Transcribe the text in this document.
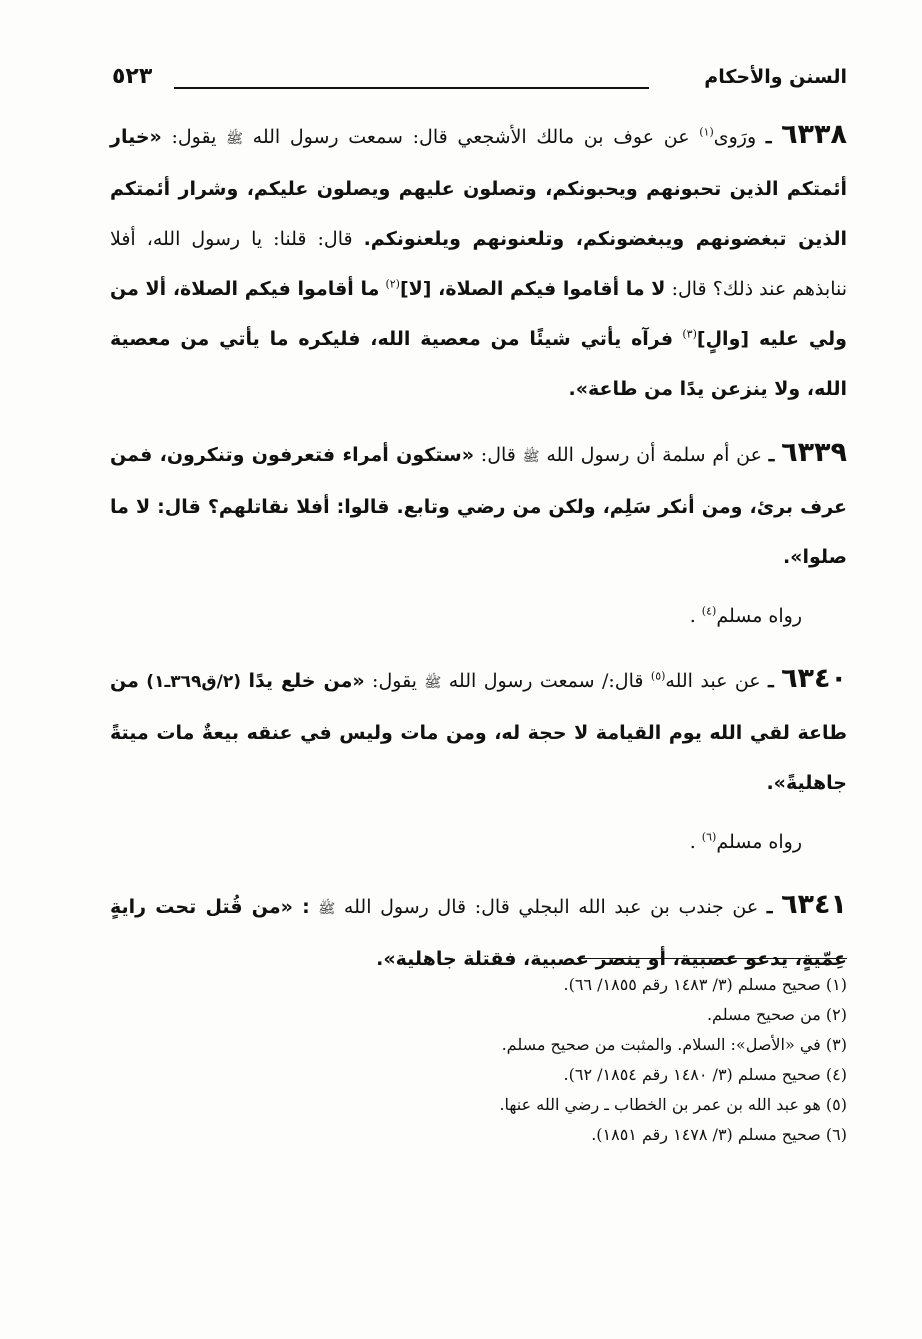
السنن والأحكام
٥٢٣

٦٣٣٨ ـ ورَوى$^{(١)}$ عن عوف بن مالك الأشجعي قال: سمعت رسول الله ﷺ يقول: «خيار أئمتكم الذين تحبونهم ويحبونكم، وتصلون عليهم ويصلون عليكم، وشرار أئمتكم الذين تبغضونهم ويبغضونكم، وتلعنونهم ويلعنونكم. قال: قلنا: يا رسول الله، أفلا ننابذهم عند ذلك؟ قال: لا ما أقاموا فيكم الصلاة، [لا]$^{(٢)}$ ما أقاموا فيكم الصلاة، ألا من ولي عليه [والٍ]$^{(٣)}$ فرآه يأتي شيئًا من معصية الله، فليكره ما يأتي من معصية الله، ولا ينزعن يدًا من طاعة».

٦٣٣٩ ـ عن أم سلمة أن رسول الله ﷺ قال: «ستكون أمراء فتعرفون وتنكرون، فمن عرف برئ، ومن أنكر سَلِم، ولكن من رضي وتابع. قالوا: أفلا نقاتلهم؟ قال: لا ما صلوا».

رواه مسلم$^{(٤)}$ .

٦٣٤٠ ـ عن عبد الله$^{(٥)}$ قال:/ سمعت رسول الله ﷺ يقول: «من خلع يدًا (٢/ق٣٦٩ـ١) من طاعة لقي الله يوم القيامة لا حجة له، ومن مات وليس في عنقه بيعةٌ مات ميتةً جاهليةً».

رواه مسلم$^{(٦)}$ .

٦٣٤١ ـ عن جندب بن عبد الله البجلي قال: قال رسول الله ﷺ : «من قُتل تحت رايةٍ عِمّيةٍ، يدعو عصبية، أو ينصر عصبية، فقتلة جاهلية».

(١) صحيح مسلم (٣/ ١٤٨٣ رقم ١٨٥٥/ ٦٦).
(٢) من صحيح مسلم.
(٣) في «الأصل»: السلام. والمثبت من صحيح مسلم.
(٤) صحيح مسلم (٣/ ١٤٨٠ رقم ١٨٥٤/ ٦٢).
(٥) هو عبد الله بن عمر بن الخطاب ـ رضي الله عنها.
(٦) صحيح مسلم (٣/ ١٤٧٨ رقم ١٨٥١).
